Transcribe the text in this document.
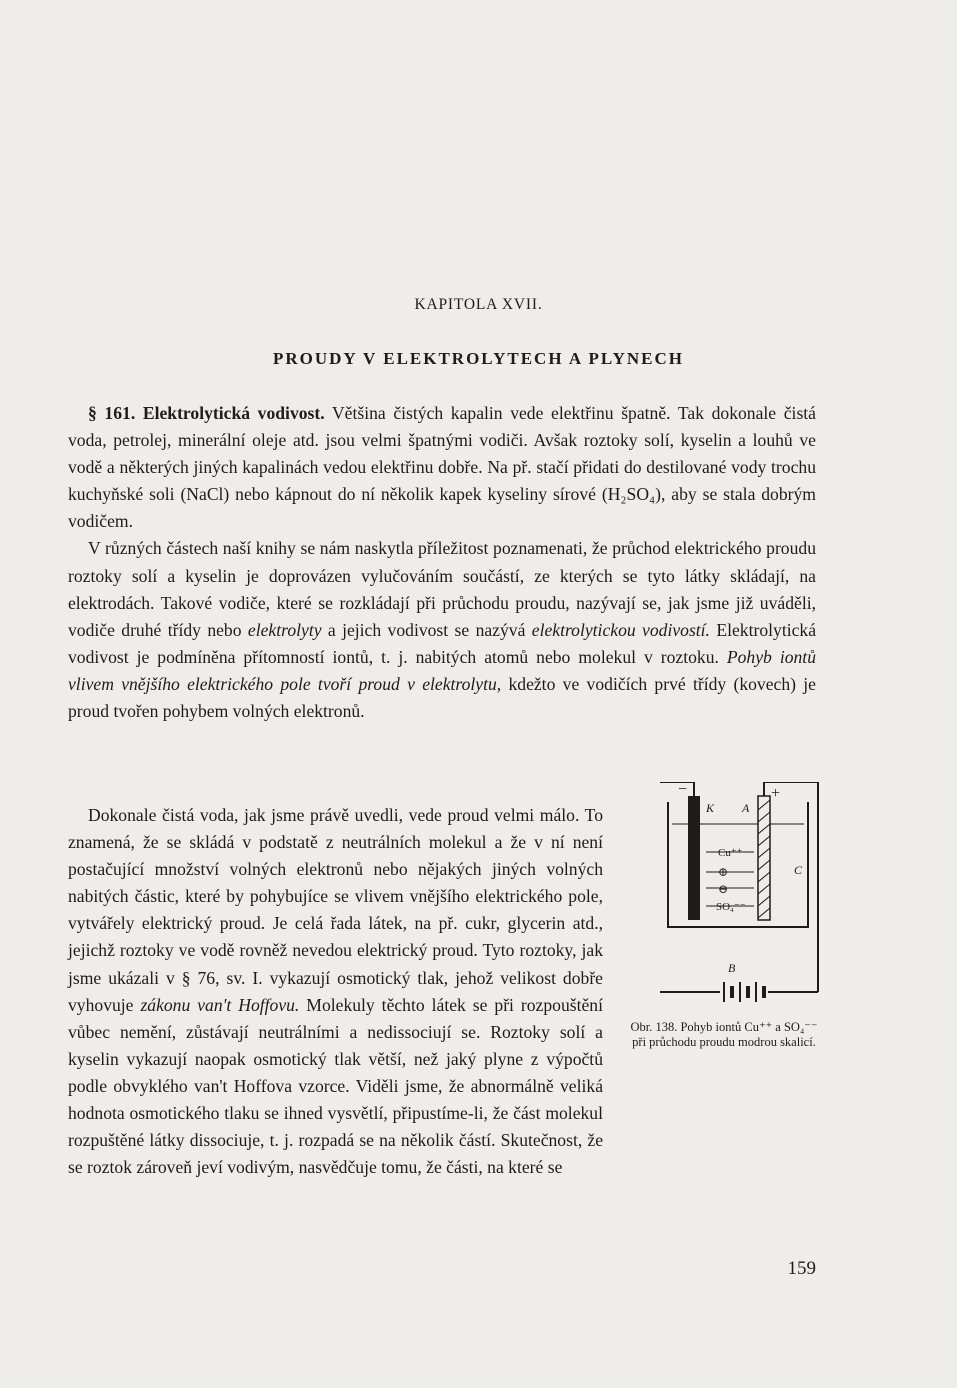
KAPITOLA XVII.
PROUDY V ELEKTROLYTECH A PLYNECH

§ 161. Elektrolytická vodivost. Většina čistých kapalin vede elektřinu špatně. Tak dokonale čistá voda, petrolej, minerální oleje atd. jsou velmi špatnými vodiči. Avšak roztoky solí, kyselin a louhů ve vodě a některých jiných kapalinách vedou elektřinu dobře. Na př. stačí přidati do destilované vody trochu kuchyňské soli (NaCl) nebo kápnout do ní několik kapek kyseliny sírové (H₂SO₄), aby se stala dobrým vodičem.

V různých částech naší knihy se nám naskytla příležitost poznamenati, že průchod elektrického proudu roztoky solí a kyselin je doprovázen vylučováním součástí, ze kterých se tyto látky skládají, na elektrodách. Takové vodiče, které se rozkládají při průchodu proudu, nazývají se, jak jsme již uváděli, vodiče druhé třídy nebo elektrolyty a jejich vodivost se nazývá elektrolytickou vodivostí. Elektrolytická vodivost je podmíněna přítomností iontů, t. j. nabitých atomů nebo molekul v roztoku. Pohyb iontů vlivem vnějšího elektrického pole tvoří proud v elektrolytu, kdežto ve vodičích prvé třídy (kovech) je proud tvořen pohybem volných elektronů.

Dokonale čistá voda, jak jsme právě uvedli, vede proud velmi málo. To znamená, že se skládá v podstatě z neutrálních molekul a že v ní není postačující množství volných elektronů nebo nějakých jiných volných nabitých částic, které by pohybujíce se vlivem vnějšího elektrického pole, vytvářely elektrický proud. Je celá řada látek, na př. cukr, glycerin atd., jejichž roztoky ve vodě rovněž nevedou elektrický proud. Tyto roztoky, jak jsme ukázali v § 76, sv. I. vykazují osmotický tlak, jehož velikost dobře vyhovuje zákonu van't Hoffovu. Molekuly těchto látek se při rozpouštění vůbec nemění, zůstávají neutrálními a nedissociují se. Roztoky solí a kyselin vykazují naopak osmotický tlak větší, než jaký plyne z výpočtů podle obvyklého van't Hoffova vzorce. Viděli jsme, že abnormálně veliká hodnota osmotického tlaku se ihned vysvětlí, připustíme-li, že část molekul rozpuštěné látky dissociuje, t. j. rozpadá se na několik částí. Skutečnost, že se roztok zároveň jeví vodivým, nasvědčuje tomu, že části, na které se

−	+
K A
C
B
Cu⁺⁺
⊕
⊖
SO₄⁻⁻
Obr. 138. Pohyb iontů Cu⁺⁺ a SO₄⁻⁻ při průchodu proudu modrou skalicí.
159
